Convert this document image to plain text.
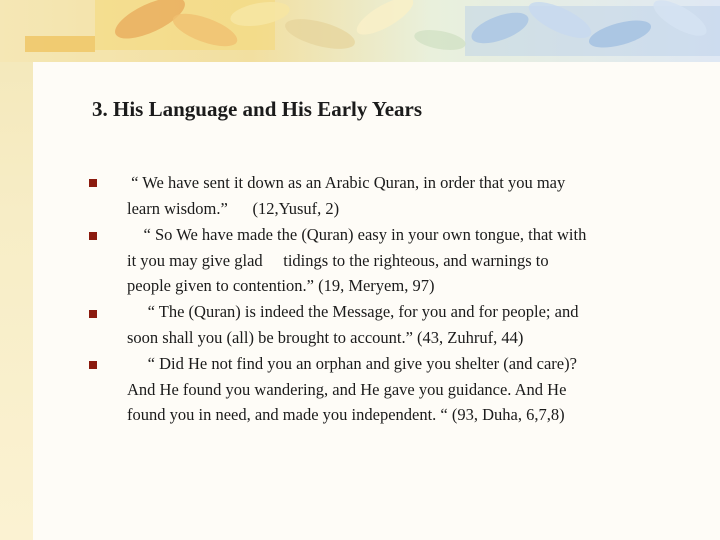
3. His Language and His Early Years
“ We have sent it down as an Arabic Quran, in order that you may
learn wisdom.”      (12,Yusuf, 2)
“ So We have made the (Quran) easy in your own tongue, that with
it you may give glad     tidings to the righteous, and warnings to
people given to contention.” (19, Meryem, 97)
“ The (Quran) is indeed the Message, for you and for people; and
soon shall you (all) be brought to account.” (43, Zuhruf, 44)
“ Did He not find you an orphan and give you shelter (and care)?
And He found you wandering, and He gave you guidance. And He
found you in need, and made you independent. “ (93, Duha, 6,7,8)
